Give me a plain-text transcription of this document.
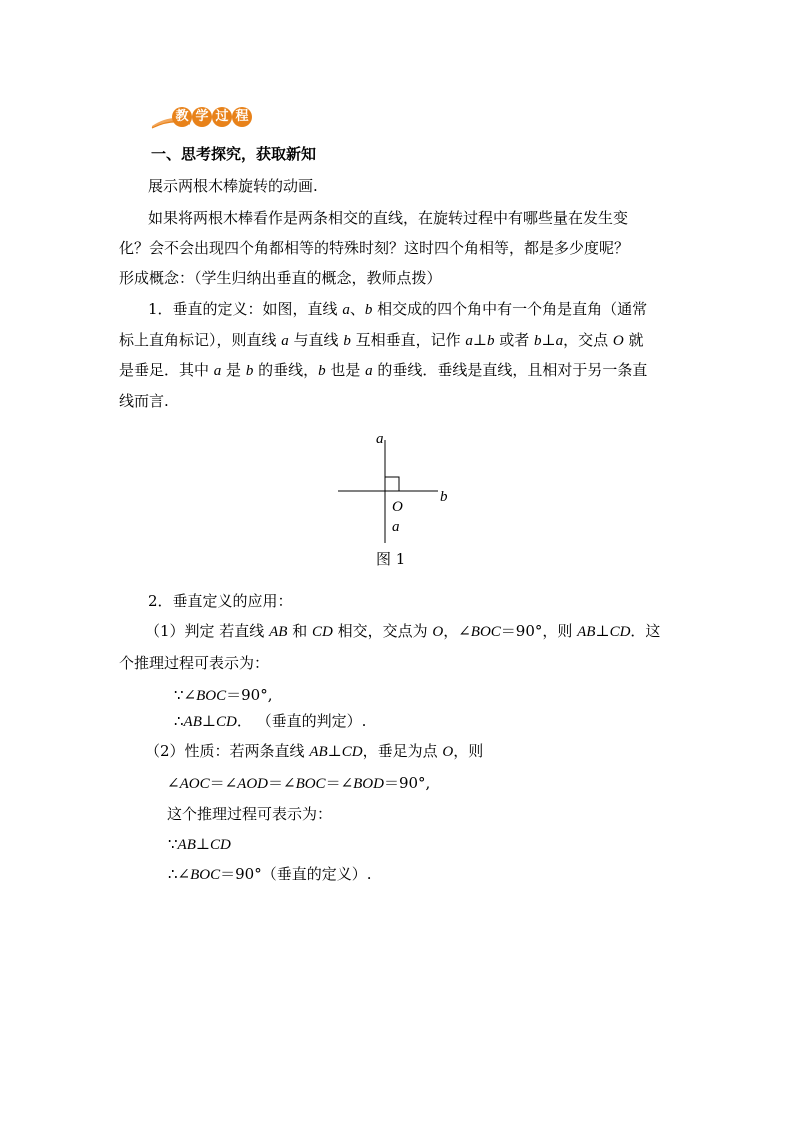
教 学 过 程
一、思考探究，获取新知
展示两根木棒旋转的动画.
如果将两根木棒看作是两条相交的直线，在旋转过程中有哪些量在发生变
化？会不会出现四个角都相等的特殊时刻？这时四个角相等，都是多少度呢？
形成概念：（学生归纳出垂直的概念，教师点拨）
1．垂直的定义：如图，直线 a、b 相交成的四个角中有一个角是直角（通常
标上直角标记），则直线 a 与直线 b 互相垂直，记作 a⊥b 或者 b⊥a，交点 O 就
是垂足．其中 a 是 b 的垂线，b 也是 a 的垂线．垂线是直线，且相对于另一条直
线而言.
a
b
O
a
图 1
2．垂直定义的应用：
（1）判定 若直线 AB 和 CD 相交，交点为 O，∠BOC＝90°，则 AB⊥CD．这
个推理过程可表示为：
∵∠BOC＝90°,
∴AB⊥CD． （垂直的判定）.
（2）性质：若两条直线 AB⊥CD，垂足为点 O，则
∠AOC＝∠AOD＝∠BOC＝∠BOD＝90°,
这个推理过程可表示为：
∵AB⊥CD
∴∠BOC＝90°（垂直的定义）.
